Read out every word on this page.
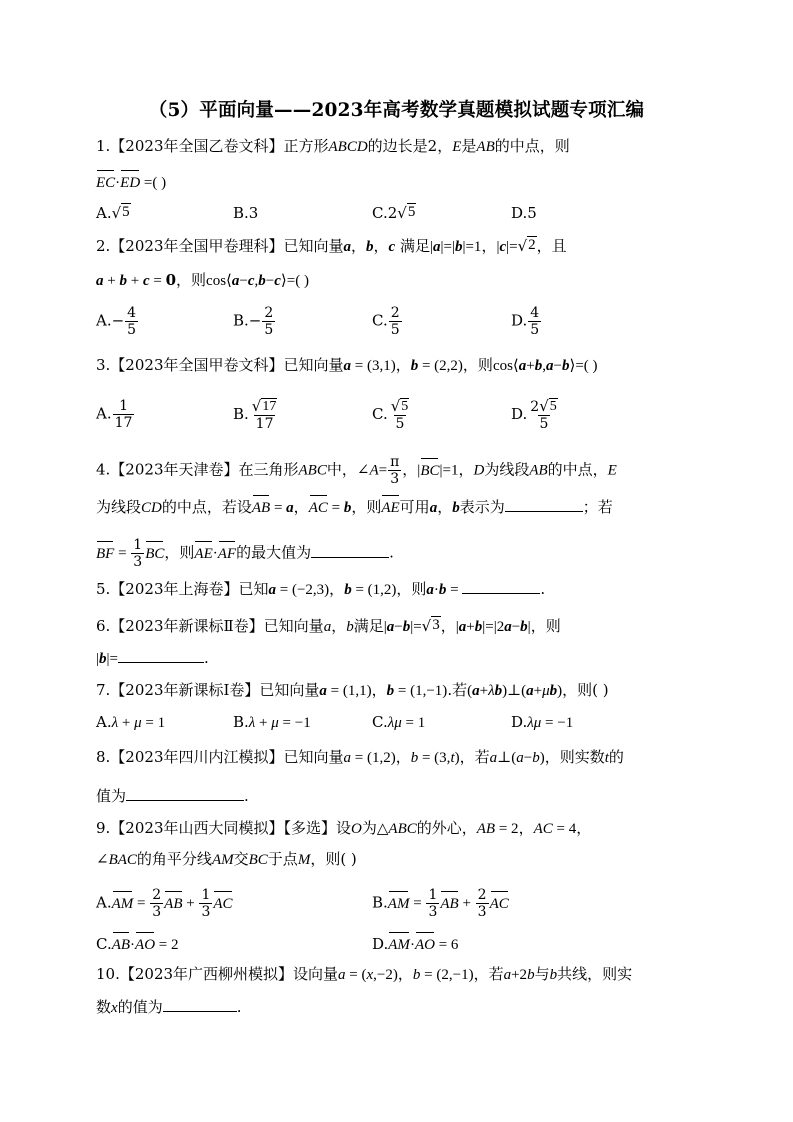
（5）平面向量——2023年高考数学真题模拟试题专项汇编
1.【2023年全国乙卷文科】正方形ABCD的边长是2，E是AB的中点，则
EC·ED =( )
A. √ 5	B.3	C.2 √ 5	D.5
2.【2023年全国甲卷理科】已知向量a，b，c 满足|a|=|b|=1，|c|= √ 2 ，且
a + b + c = 0，则cos⟨a−c,b−c⟩=( )
$A.- \frac{4}{5}$	$B.- \frac{2}{5}$	C. $\frac{2}{5}$	D. $\frac{4}{5}$
3.【2023年全国甲卷文科】已知向量a = (3,1)，b = (2,2)，则cos⟨a+b,a−b⟩=( )
A. $\frac{1}{17}$	B. $\frac{√ 17}{17}$	C. $\frac{√ 5}{5}$	D. $\frac{2 √ 5}{5}$
4.【2023年天津卷】在三角形ABC中，∠A= $\frac{\pi}{3}$ ，|BC|=1，D为线段AB的中点，E
为线段CD的中点，若设AB = a，AC = b，则AE可用a，b表示为	；若
BF = $\frac{1}{3}$ BC，则AE·AF的最大值为	.
5.【2023年上海卷】已知a = (−2,3)，b = (1,2)，则a·b =	.
6.【2023年新课标Ⅱ卷】已知向量a，b满足|a−b|= √ 3 ，|a+b|=|2a−b|，则
|b|=	.
7.【2023年新课标Ⅰ卷】已知向量a = (1,1)，b = (1,−1).若(a+λb)⊥(a+μb)，则( )
A.λ + μ = 1	B.λ + μ = −1	C.λμ = 1	D.λμ = −1
8.【2023年四川内江模拟】已知向量a = (1,2)，b = (3,t)，若a⊥(a−b)，则实数t的
值为	.
9.【2023年山西大同模拟】【多选】设O为△ABC的外心，AB = 2，AC = 4，
∠BAC的角平分线AM交BC于点M，则( )
$A.AM = \frac{2}{3}$ AB + $\frac{1}{3}$ AC	$B.AM = \frac{1}{3}$ AB + $\frac{2}{3}$ AC
C.AB·AO = 2	D.AM·AO = 6
10.【2023年广西柳州模拟】设向量a = (x,−2)，b = (2,−1)，若a+2b与b共线，则实
数x的值为	.
